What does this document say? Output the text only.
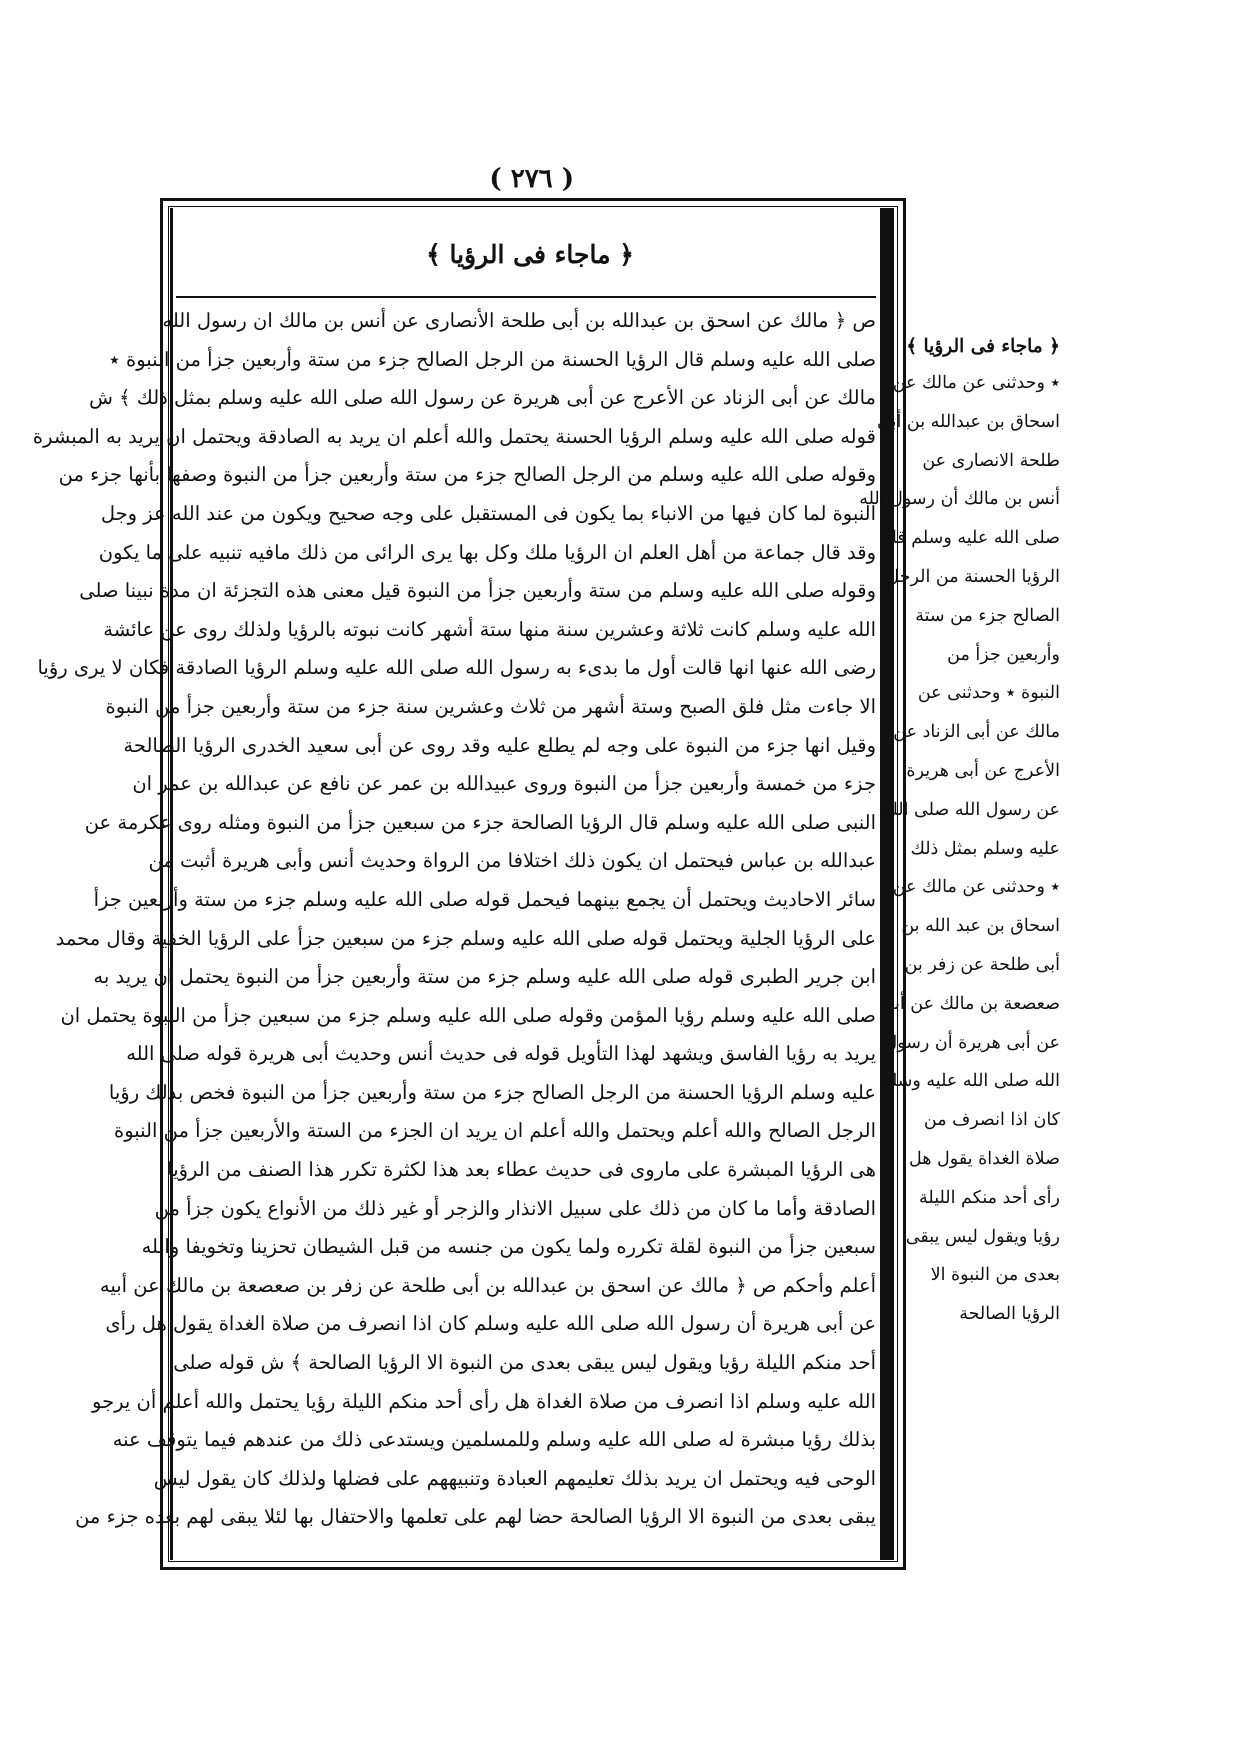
( ٢٧٦ )
﴿ ماجاء فى الرؤيا ﴾
ص ﴿ مالك عن اسحق بن عبدالله بن أبى طلحة الأنصارى عن أنس بن مالك ان رسول الله
صلى الله عليه وسلم قال الرؤيا الحسنة من الرجل الصالح جزء من ستة وأربعين جزأ من النبوة ٭
مالك عن أبى الزناد عن الأعرج عن أبى هريرة عن رسول الله صلى الله عليه وسلم بمثل ذلك ﴾ ش
قوله صلى الله عليه وسلم الرؤيا الحسنة يحتمل والله أعلم ان يريد به الصادقة ويحتمل ان يريد به المبشرة
وقوله صلى الله عليه وسلم من الرجل الصالح جزء من ستة وأربعين جزأ من النبوة وصفها بأنها جزء من
النبوة لما كان فيها من الانباء بما يكون فى المستقبل على وجه صحيح ويكون من عند الله عز وجل
وقد قال جماعة من أهل العلم ان الرؤيا ملك وكل بها يرى الرائى من ذلك مافيه تنبيه على ما يكون
وقوله صلى الله عليه وسلم من ستة وأربعين جزأ من النبوة قيل معنى هذه التجزئة ان مدة نبينا صلى
الله عليه وسلم كانت ثلاثة وعشرين سنة منها ستة أشهر كانت نبوته بالرؤيا ولذلك روى عن عائشة
رضى الله عنها انها قالت أول ما بدىء به رسول الله صلى الله عليه وسلم الرؤيا الصادقة فكان لا يرى رؤيا
الا جاءت مثل فلق الصبح وستة أشهر من ثلاث وعشرين سنة جزء من ستة وأربعين جزأ من النبوة
وقيل انها جزء من النبوة على وجه لم يطلع عليه وقد روى عن أبى سعيد الخدرى الرؤيا الصالحة
جزء من خمسة وأربعين جزأ من النبوة وروى عبيدالله بن عمر عن نافع عن عبدالله بن عمر ان
النبى صلى الله عليه وسلم قال الرؤيا الصالحة جزء من سبعين جزأ من النبوة ومثله روى عكرمة عن
عبدالله بن عباس فيحتمل ان يكون ذلك اختلافا من الرواة وحديث أنس وأبى هريرة أثبت من
سائر الاحاديث ويحتمل أن يجمع بينهما فيحمل قوله صلى الله عليه وسلم جزء من ستة وأربعين جزأ
على الرؤيا الجلية ويحتمل قوله صلى الله عليه وسلم جزء من سبعين جزأ على الرؤيا الخفية وقال محمد
ابن جرير الطبرى قوله صلى الله عليه وسلم جزء من ستة وأربعين جزأ من النبوة يحتمل ان يريد به
صلى الله عليه وسلم رؤيا المؤمن وقوله صلى الله عليه وسلم جزء من سبعين جزأ من النبوة يحتمل ان
يريد به رؤيا الفاسق ويشهد لهذا التأويل قوله فى حديث أنس وحديث أبى هريرة قوله صلى الله
عليه وسلم الرؤيا الحسنة من الرجل الصالح جزء من ستة وأربعين جزأ من النبوة فخص بذلك رؤيا
الرجل الصالح والله أعلم ويحتمل والله أعلم ان يريد ان الجزء من الستة والأربعين جزأ من النبوة
هى الرؤيا المبشرة على ماروى فى حديث عطاء بعد هذا لكثرة تكرر هذا الصنف من الرؤيا
الصادقة وأما ما كان من ذلك على سبيل الانذار والزجر أو غير ذلك من الأنواع يكون جزأ من
سبعين جزأ من النبوة لقلة تكرره ولما يكون من جنسه من قبل الشيطان تحزينا وتخويفا والله
أعلم وأحكم ص ﴿ مالك عن اسحق بن عبدالله بن أبى طلحة عن زفر بن صعصعة بن مالك عن أبيه
عن أبى هريرة أن رسول الله صلى الله عليه وسلم كان اذا انصرف من صلاة الغداة يقول هل رأى
أحد منكم الليلة رؤيا ويقول ليس يبقى بعدى من النبوة الا الرؤيا الصالحة ﴾ ش قوله صلى
الله عليه وسلم اذا انصرف من صلاة الغداة هل رأى أحد منكم الليلة رؤيا يحتمل والله أعلم أن يرجو
بذلك رؤيا مبشرة له صلى الله عليه وسلم وللمسلمين ويستدعى ذلك من عندهم فيما يتوقف عنه
الوحى فيه ويحتمل ان يريد بذلك تعليمهم العبادة وتنبيههم على فضلها ولذلك كان يقول ليس
يبقى بعدى من النبوة الا الرؤيا الصالحة حضا لهم على تعلمها والاحتفال بها لئلا يبقى لهم بعده جزء من
﴿ ماجاء فى الرؤيا ﴾
٭ وحدثنى عن مالك عن
اسحاق بن عبدالله بن أبى
طلحة الانصارى عن
أنس بن مالك أن رسول الله
صلى الله عليه وسلم قال
الرؤيا الحسنة من الرجل
الصالح جزء من ستة
وأربعين جزأ من
النبوة ٭ وحدثنى عن
مالك عن أبى الزناد عن
الأعرج عن أبى هريرة
عن رسول الله صلى الله
عليه وسلم بمثل ذلك
٭ وحدثنى عن مالك عن
اسحاق بن عبد الله بن
أبى طلحة عن زفر بن
صعصعة بن مالك عن أبيه
عن أبى هريرة أن رسول
الله صلى الله عليه وسلم
كان اذا انصرف من
صلاة الغداة يقول هل
رأى أحد منكم الليلة
رؤيا ويقول ليس يبقى
بعدى من النبوة الا
الرؤيا الصالحة
